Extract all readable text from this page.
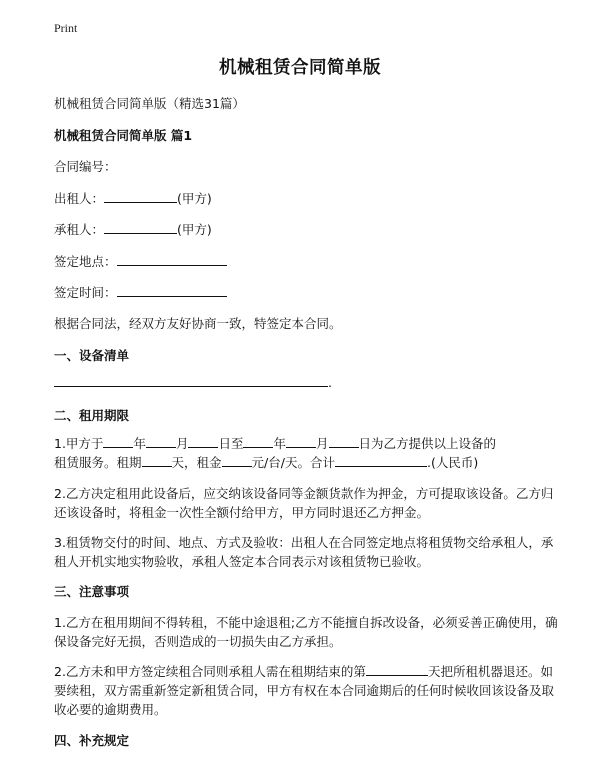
Print
机械租赁合同简单版
机械租赁合同简单版（精选31篇）
机械租赁合同简单版 篇1
合同编号：
出租人：	(甲方)
承租人：	(甲方)
签定地点：
签定时间：
根据合同法，经双方友好协商一致，特签定本合同。
一、设备清单
.
二、租用期限
1.甲方于 年 月 日至 年 月 日为乙方提供以上设备的
租赁服务。租期 天，租金 元/台/天。合计	.(人民币)
2.乙方决定租用此设备后，应交纳该设备同等金额货款作为押金，方可提取该设备。乙方归还该设备时，将租金一次性全额付给甲方，甲方同时退还乙方押金。
3.租赁物交付的时间、地点、方式及验收：出租人在合同签定地点将租赁物交给承租人，承租人开机实地实物验收，承租人签定本合同表示对该租赁物已验收。
三、注意事项
1.乙方在租用期间不得转租，不能中途退租;乙方不能擅自拆改设备，必须妥善正确使用，确保设备完好无损，否则造成的一切损失由乙方承担。
2.乙方未和甲方签定续租合同则承租人需在租期结束的第	天把所租机器退还。如要续租，双方需重新签定新租赁合同，甲方有权在本合同逾期后的任何时候收回该设备及取收必要的逾期费用。
四、补充规定
